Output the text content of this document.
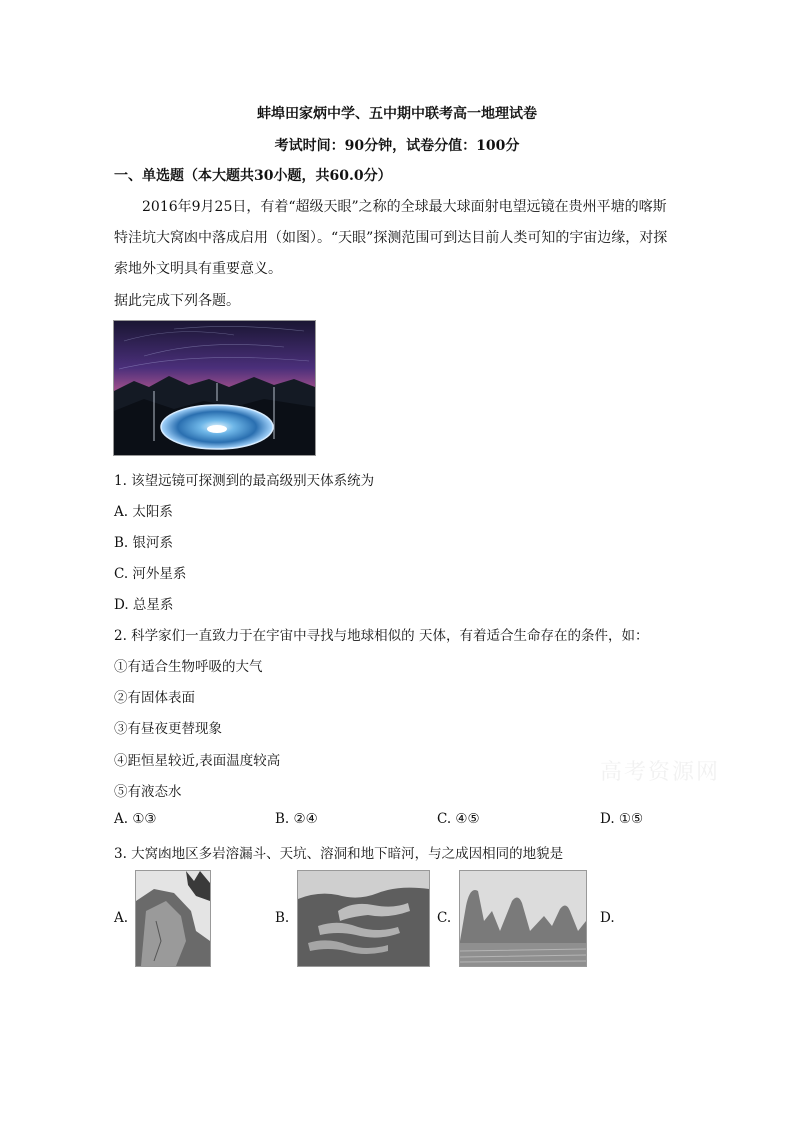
蚌埠田家炳中学、五中期中联考高一地理试卷
考试时间：90分钟，试卷分值：100分
一、单选题（本大题共30小题，共60.0分）
2016年9月25日，有着“超级天眼”之称的全球最大球面射电望远镜在贵州平塘的喀斯
特洼坑大窝凼中落成启用（如图）。“天眼”探测范围可到达目前人类可知的宇宙边缘，对探
索地外文明具有重要意义。
据此完成下列各题。
1. 该望远镜可探测到的最高级别天体系统为
A. 太阳系
B. 银河系
C. 河外星系
D. 总星系
2. 科学家们一直致力于在宇宙中寻找与地球相似的 天体，有着适合生命存在的条件，如：
①有适合生物呼吸的大气
②有固体表面
③有昼夜更替现象
④距恒星较近,表面温度较高
⑤有液态水
A. ①③	B. ②④	C. ④⑤	D. ①⑤
3. 大窝凼地区多岩溶漏斗、天坑、溶洞和地下暗河，与之成因相同的地貌是
A.	B.	C.	D.
高考资源网
